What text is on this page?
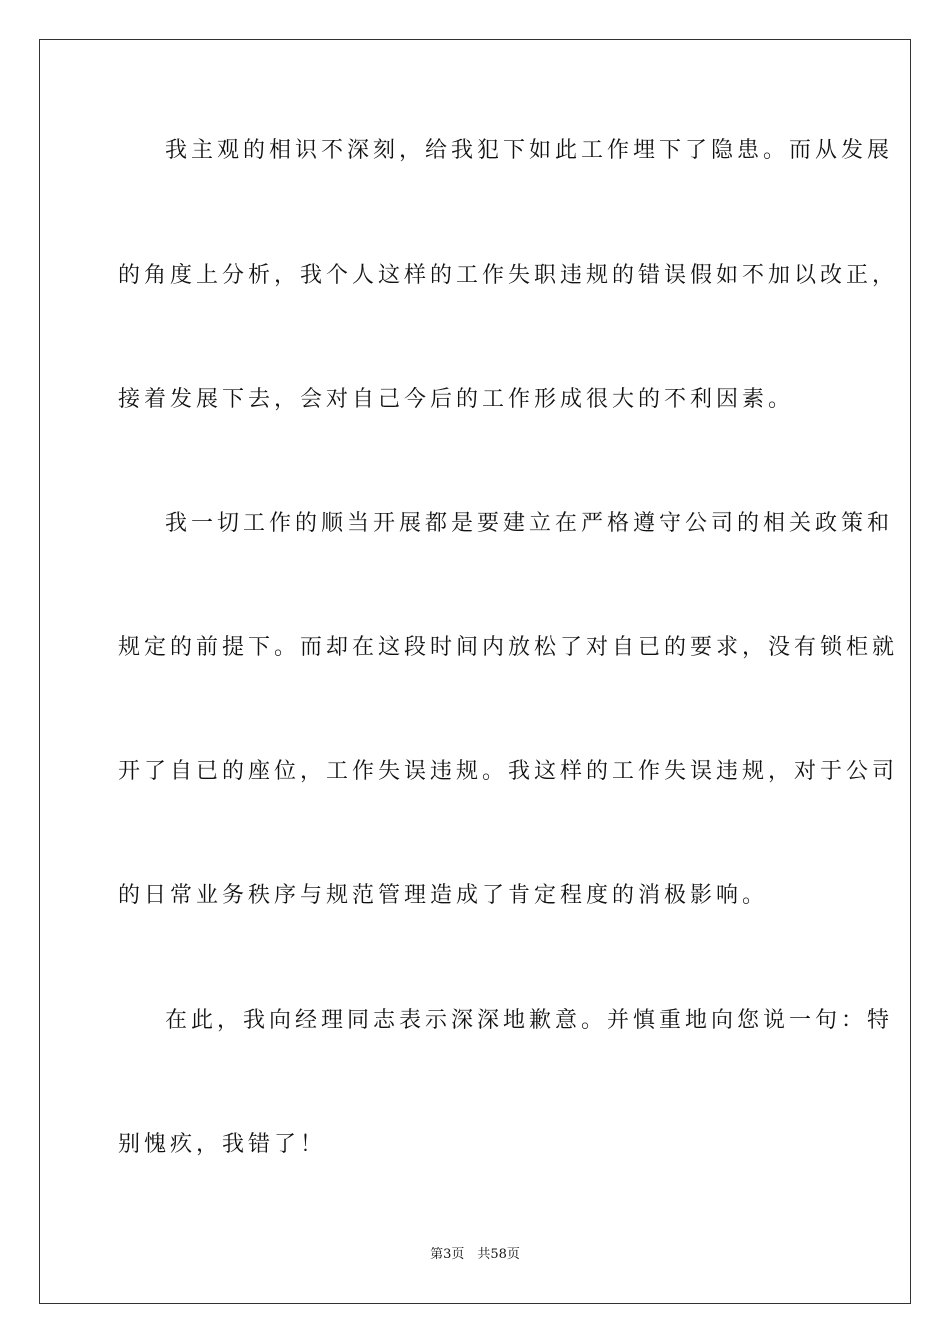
我主观的相识不深刻，给我犯下如此工作埋下了隐患。而从发展
的角度上分析，我个人这样的工作失职违规的错误假如不加以改正，
接着发展下去，会对自己今后的工作形成很大的不利因素。
我一切工作的顺当开展都是要建立在严格遵守公司的相关政策和
规定的前提下。而却在这段时间内放松了对自已的要求，没有锁柜就
开了自已的座位，工作失误违规。我这样的工作失误违规，对于公司
的日常业务秩序与规范管理造成了肯定程度的消极影响。
在此，我向经理同志表示深深地歉意。并慎重地向您说一句：特
别愧疚，我错了！
第3页　共58页
